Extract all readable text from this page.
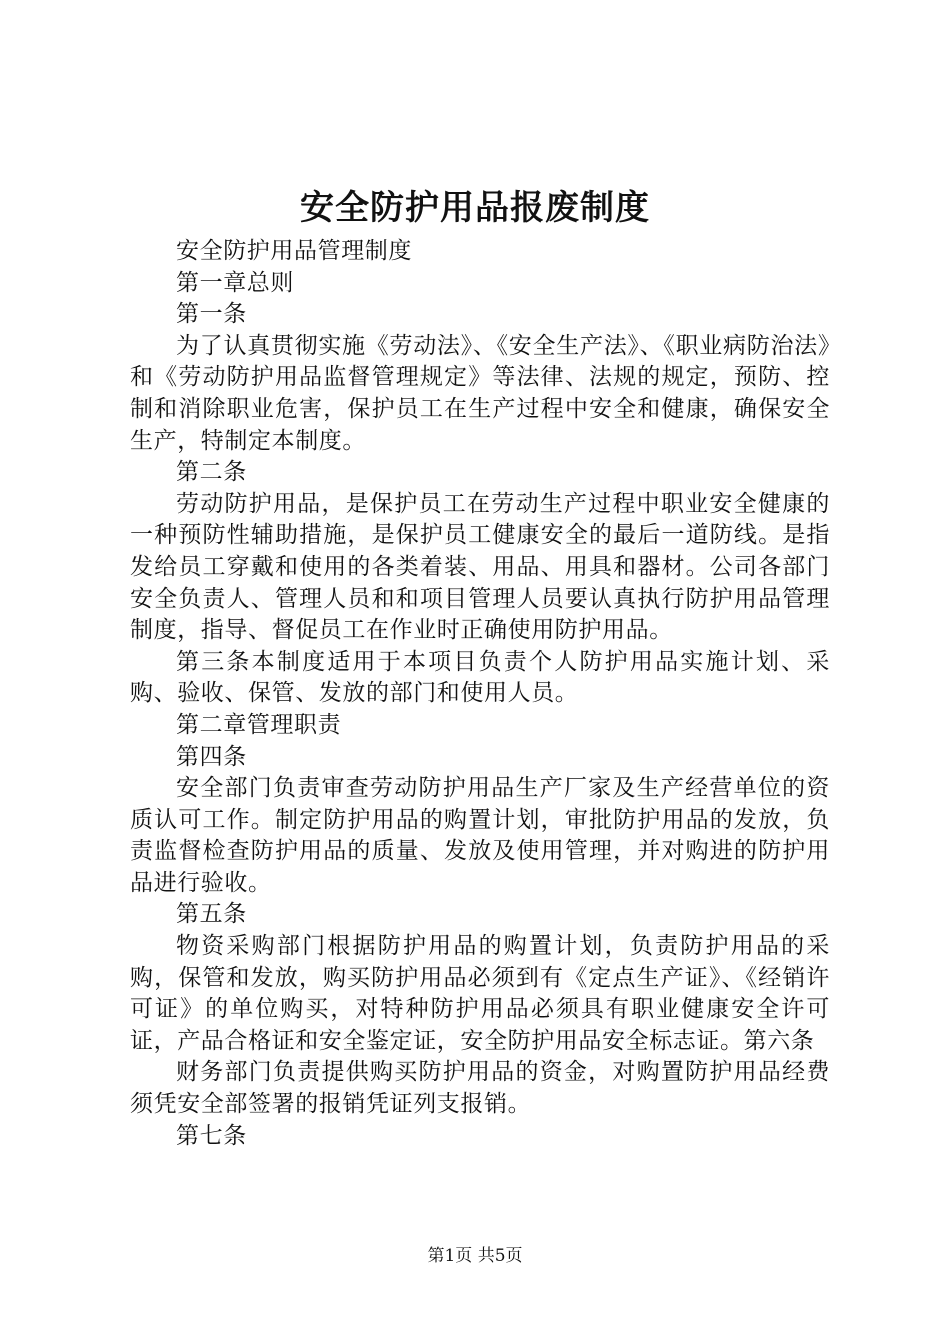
安全防护用品报废制度

安全防护用品管理制度

第一章总则

第一条

为了认真贯彻实施《劳动法》、《安全生产法》、《职业病防治法》和《劳动防护用品监督管理规定》等法律、法规的规定，预防、控制和消除职业危害，保护员工在生产过程中安全和健康，确保安全生产，特制定本制度。

第二条

劳动防护用品，是保护员工在劳动生产过程中职业安全健康的一种预防性辅助措施，是保护员工健康安全的最后一道防线。是指发给员工穿戴和使用的各类着装、用品、用具和器材。公司各部门安全负责人、管理人员和和项目管理人员要认真执行防护用品管理制度，指导、督促员工在作业时正确使用防护用品。

第三条本制度适用于本项目负责个人防护用品实施计划、采购、验收、保管、发放的部门和使用人员。

第二章管理职责

第四条

安全部门负责审查劳动防护用品生产厂家及生产经营单位的资质认可工作。制定防护用品的购置计划，审批防护用品的发放，负责监督检查防护用品的质量、发放及使用管理，并对购进的防护用品进行验收。

第五条

物资采购部门根据防护用品的购置计划，负责防护用品的采购，保管和发放，购买防护用品必须到有《定点生产证》、《经销许可证》的单位购买，对特种防护用品必须具有职业健康安全许可证，产品合格证和安全鉴定证，安全防护用品安全标志证。第六条

财务部门负责提供购买防护用品的资金，对购置防护用品经费须凭安全部签署的报销凭证列支报销。

第七条

第1页 共5页
